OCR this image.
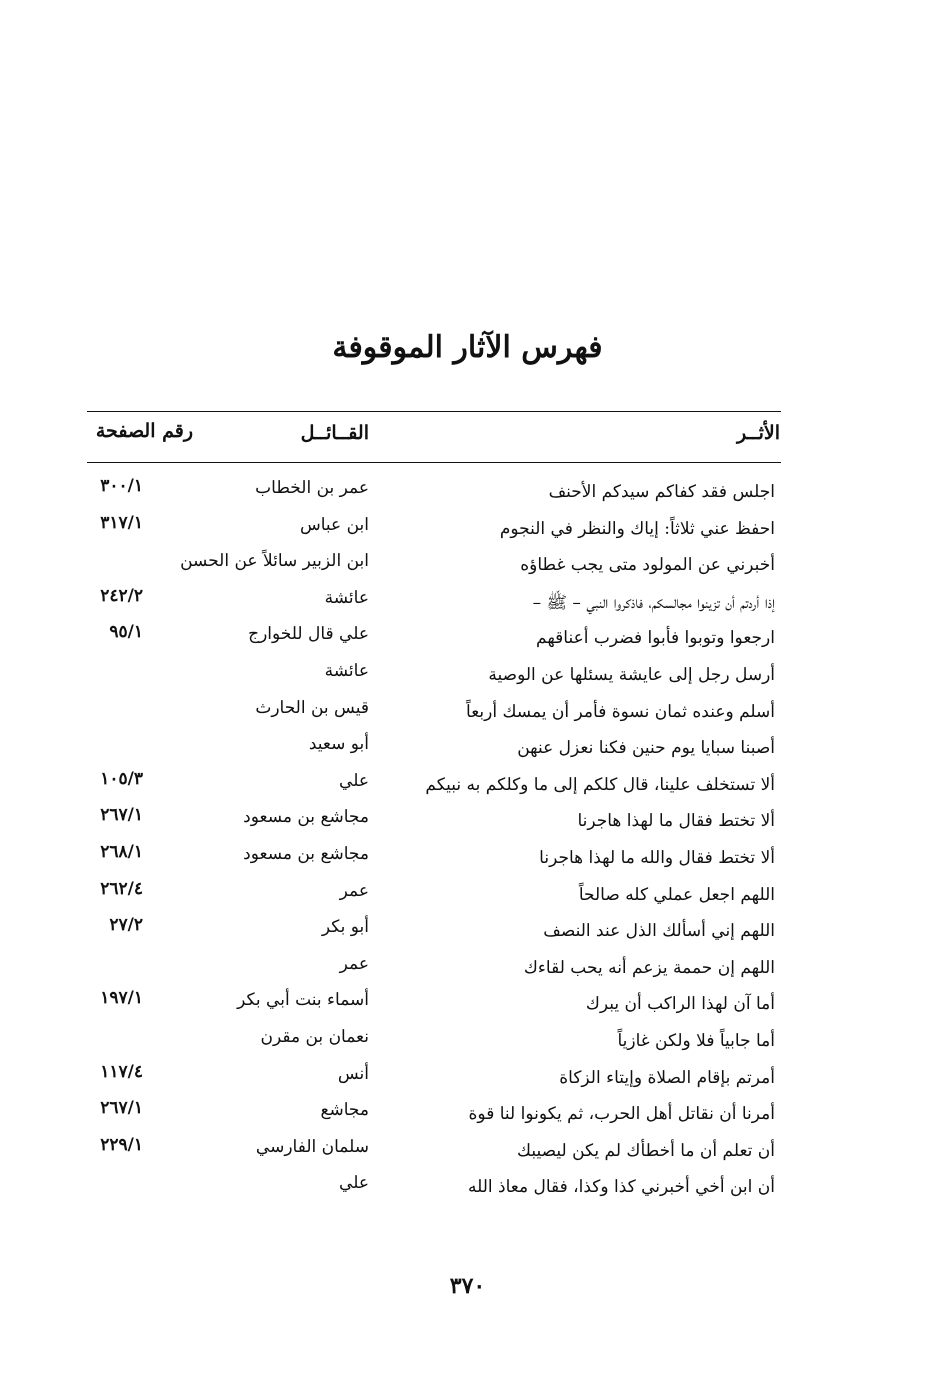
فهرس الآثار الموقوفة
الأثــر
القــائــل
رقم الصفحة
اجلس فقد كفاكم سيدكم الأحنف
عمر بن الخطاب
٣٠٠/١
احفظ عني ثلاثاً: إياك والنظر في النجوم
ابن عباس
٣١٧/١
أخبرني عن المولود متى يجب غطاؤه
ابن الزبير سائلاً عن الحسن
إذا أردتم أن تزينوا مجالسكم، فاذكروا النبي – ﷺ –
عائشة
٢٤٢/٢
ارجعوا وتوبوا فأبوا فضرب أعناقهم
علي قال للخوارج
٩٥/١
أرسل رجل إلى عايشة يسئلها عن الوصية
عائشة
أسلم وعنده ثمان نسوة فأمر أن يمسك أربعاً
قيس بن الحارث
أصبنا سبايا يوم حنين فكنا نعزل عنهن
أبو سعيد
ألا تستخلف علينا، قال كلكم إلى ما وكلكم به نبيكم
علي
١٠٥/٣
ألا تختط فقال ما لهذا هاجرنا
مجاشع بن مسعود
٢٦٧/١
ألا تختط فقال والله ما لهذا هاجرنا
مجاشع بن مسعود
٢٦٨/١
اللهم اجعل عملي كله صالحاً
عمر
٢٦٢/٤
اللهم إني أسألك الذل عند النصف
أبو بكر
٢٧/٢
اللهم إن حممة يزعم أنه يحب لقاءك
عمر
أما آن لهذا الراكب أن يبرك
أسماء بنت أبي بكر
١٩٧/١
أما جابياً فلا ولكن غازياً
نعمان بن مقرن
أمرتم بإقام الصلاة وإيتاء الزكاة
أنس
١١٧/٤
أمرنا أن نقاتل أهل الحرب، ثم يكونوا لنا قوة
مجاشع
٢٦٧/١
أن تعلم أن ما أخطأك لم يكن ليصيبك
سلمان الفارسي
٢٢٩/١
أن ابن أخي أخبرني كذا وكذا، فقال معاذ الله
علي
٣٧٠
